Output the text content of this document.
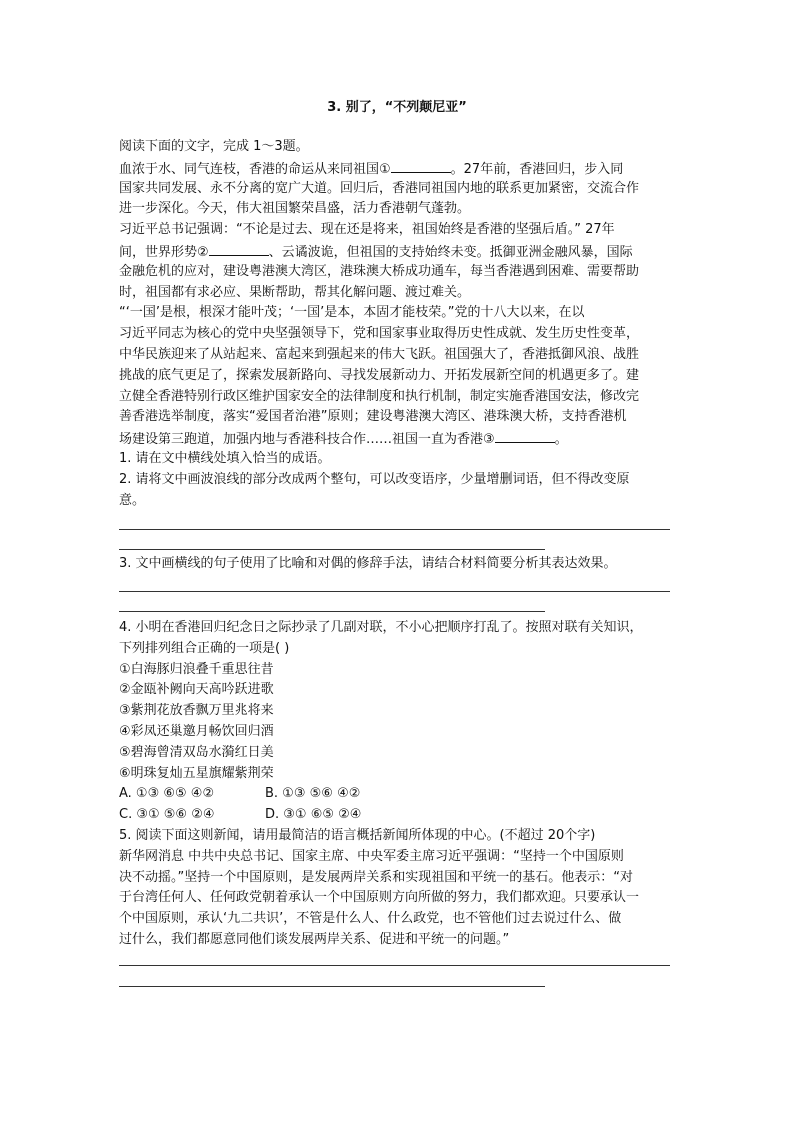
3. 别了，“不列颠尼亚”
阅读下面的文字，完成 1～3题。
血浓于水、同气连枝，香港的命运从来同祖国①	。27年前，香港回归，步入同
国家共同发展、永不分离的宽广大道。回归后，香港同祖国内地的联系更加紧密，交流合作
进一步深化。今天，伟大祖国繁荣昌盛，活力香港朝气蓬勃。
习近平总书记强调：“不论是过去、现在还是将来，祖国始终是香港的坚强后盾。” 27年
间，世界形势②	、云谲波诡，但祖国的支持始终未变。抵御亚洲金融风暴，国际
金融危机的应对，建设粤港澳大湾区，港珠澳大桥成功通车，每当香港遇到困难、需要帮助
时，祖国都有求必应、果断帮助，帮其化解问题、渡过难关。
“‘一国’是根，根深才能叶茂；‘一国’是本，本固才能枝荣。”党的十八大以来，在以
习近平同志为核心的党中央坚强领导下，党和国家事业取得历史性成就、发生历史性变革，
中华民族迎来了从站起来、富起来到强起来的伟大飞跃。祖国强大了，香港抵御风浪、战胜
挑战的底气更足了，探索发展新路向、寻找发展新动力、开拓发展新空间的机遇更多了。建
立健全香港特别行政区维护国家安全的法律制度和执行机制，制定实施香港国安法，修改完
善香港选举制度，落实“爱国者治港”原则；建设粤港澳大湾区、港珠澳大桥，支持香港机
场建设第三跑道，加强内地与香港科技合作……祖国一直为香港③	。
1. 请在文中横线处填入恰当的成语。
2. 请将文中画波浪线的部分改成两个整句，可以改变语序，少量增删词语，但不得改变原
意。
3. 文中画横线的句子使用了比喻和对偶的修辞手法，请结合材料简要分析其表达效果。
4. 小明在香港回归纪念日之际抄录了几副对联，不小心把顺序打乱了。按照对联有关知识，
下列排列组合正确的一项是( )
①白海豚归浪叠千重思往昔
②金瓯补阙向天高吟跃进歌
③紫荆花放香飘万里兆将来
④彩凤还巢邀月畅饮回归酒
⑤碧海曾清双岛水漪红日美
⑥明珠复灿五星旗耀紫荆荣
A. ①③ ⑥⑤ ④②	B. ①③ ⑤⑥ ④②
C. ③① ⑤⑥ ②④	D. ③① ⑥⑤ ②④
5. 阅读下面这则新闻，请用最简洁的语言概括新闻所体现的中心。(不超过 20个字)
新华网消息 中共中央总书记、国家主席、中央军委主席习近平强调：“坚持一个中国原则
决不动摇。”坚持一个中国原则，是发展两岸关系和实现祖国和平统一的基石。他表示：“对
于台湾任何人、任何政党朝着承认一个中国原则方向所做的努力，我们都欢迎。只要承认一
个中国原则，承认‘九二共识’，不管是什么人、什么政党，也不管他们过去说过什么、做
过什么，我们都愿意同他们谈发展两岸关系、促进和平统一的问题。”
